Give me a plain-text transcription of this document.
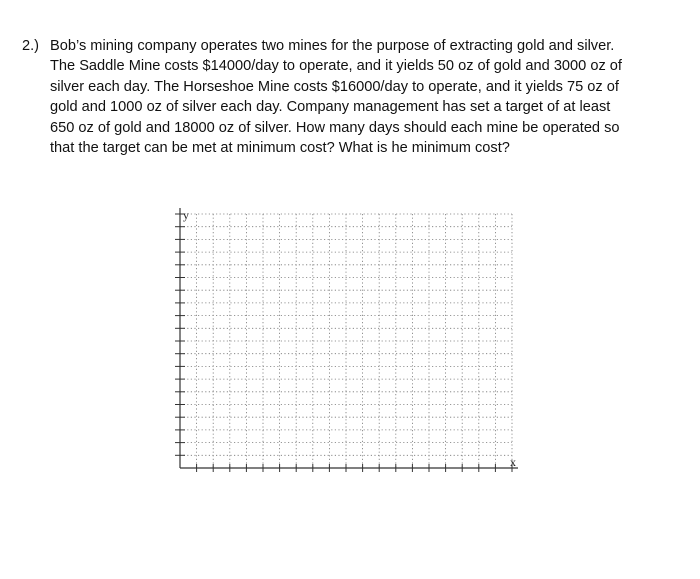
2.) Bob’s mining company operates two mines for the purpose of extracting gold and silver.
The Saddle Mine costs $14000/day to operate, and it yields 50 oz of gold and 3000 oz of
silver each day. The Horseshoe Mine costs $16000/day to operate, and it yields 75 oz of
gold and 1000 oz of silver each day. Company management has set a target of at least
650 oz of gold and 18000 oz of silver. How many days should each mine be operated so
that the target can be met at minimum cost? What is he minimum cost?
y
x
